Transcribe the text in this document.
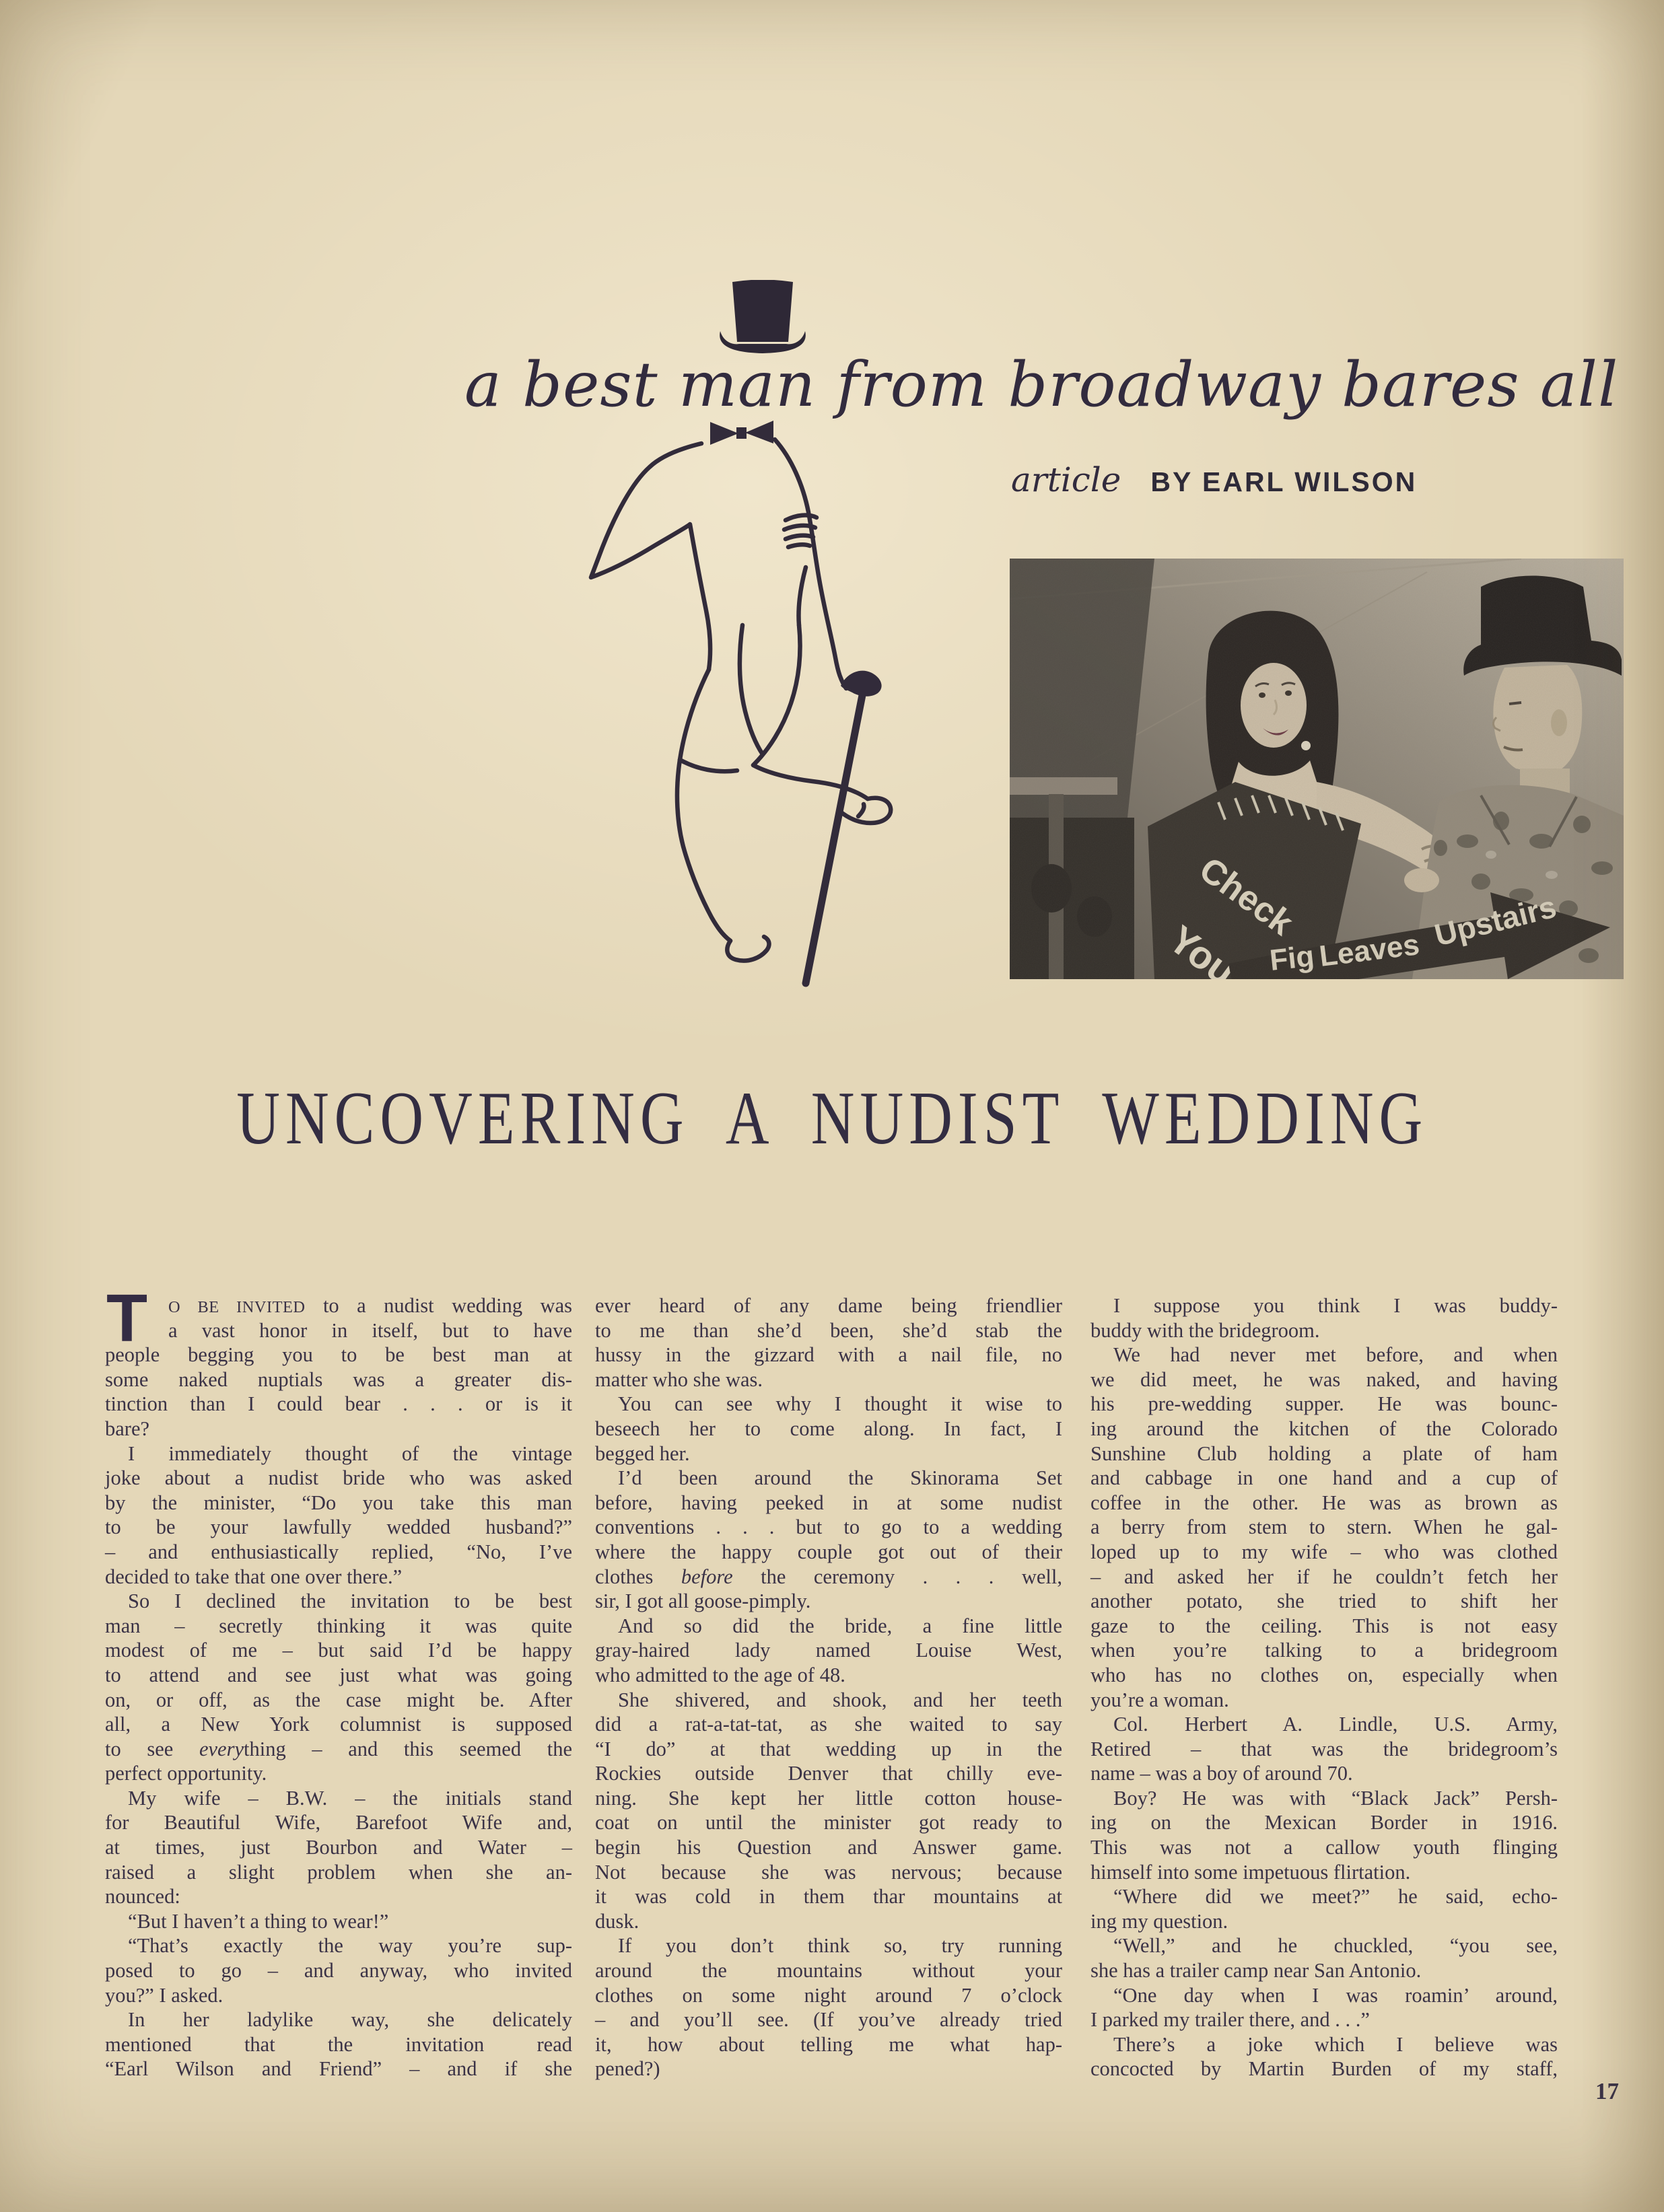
a best man from broadway bares all
article BY EARL WILSON
UNCOVERING A NUDIST WEDDING
T	O BE INVITED to a nudist wedding was
a vast honor in itself, but to have
people begging you to be best man at
some naked nuptials was a greater dis-
tinction than I could bear . . . or is it
bare?
I immediately thought of the vintage
joke about a nudist bride who was asked
by the minister, “Do you take this man
to be your lawfully wedded husband?”
– and enthusiastically replied, “No, I’ve
decided to take that one over there.”
So I declined the invitation to be best
man – secretly thinking it was quite
modest of me – but said I’d be happy
to attend and see just what was going
on, or off, as the case might be. After
all, a New York columnist is supposed
to see everything – and this seemed the
perfect opportunity.
My wife – B.W. – the initials stand
for Beautiful Wife, Barefoot Wife and,
at times, just Bourbon and Water –
raised a slight problem when she an-
nounced:
“But I haven’t a thing to wear!”
“That’s exactly the way you’re sup-
posed to go – and anyway, who invited
you?” I asked.
In her ladylike way, she delicately
mentioned that the invitation read
“Earl Wilson and Friend” – and if she
ever heard of any dame being friendlier
to me than she’d been, she’d stab the
hussy in the gizzard with a nail file, no
matter who she was.
You can see why I thought it wise to
beseech her to come along. In fact, I
begged her.
I’d been around the Skinorama Set
before, having peeked in at some nudist
conventions . . . but to go to a wedding
where the happy couple got out of their
clothes before the ceremony . . . well,
sir, I got all goose-pimply.
And so did the bride, a fine little
gray-haired lady named Louise West,
who admitted to the age of 48.
She shivered, and shook, and her teeth
did a rat-a-tat-tat, as she waited to say
“I do” at that wedding up in the
Rockies outside Denver that chilly eve-
ning. She kept her little cotton house-
coat on until the minister got ready to
begin his Question and Answer game.
Not because she was nervous; because
it was cold in them thar mountains at
dusk.
If you don’t think so, try running
around the mountains without your
clothes on some night around 7 o’clock
– and you’ll see. (If you’ve already tried
it, how about telling me what hap-
pened?)
I suppose you think I was buddy-
buddy with the bridegroom.
We had never met before, and when
we did meet, he was naked, and having
his pre-wedding supper. He was bounc-
ing around the kitchen of the Colorado
Sunshine Club holding a plate of ham
and cabbage in one hand and a cup of
coffee in the other. He was as brown as
a berry from stem to stern. When he gal-
loped up to my wife – who was clothed
– and asked her if he couldn’t fetch her
another potato, she tried to shift her
gaze to the ceiling. This is not easy
when you’re talking to a bridegroom
who has no clothes on, especially when
you’re a woman.
Col. Herbert A. Lindle, U.S. Army,
Retired – that was the bridegroom’s
name – was a boy of around 70.
Boy? He was with “Black Jack” Persh-
ing on the Mexican Border in 1916.
This was not a callow youth flinging
himself into some impetuous flirtation.
“Where did we meet?” he said, echo-
ing my question.
“Well,” and he chuckled, “you see,
she has a trailer camp near San Antonio.
“One day when I was roamin’ around,
I parked my trailer there, and . . .”
There’s a joke which I believe was
concocted by Martin Burden of my staff,
17
